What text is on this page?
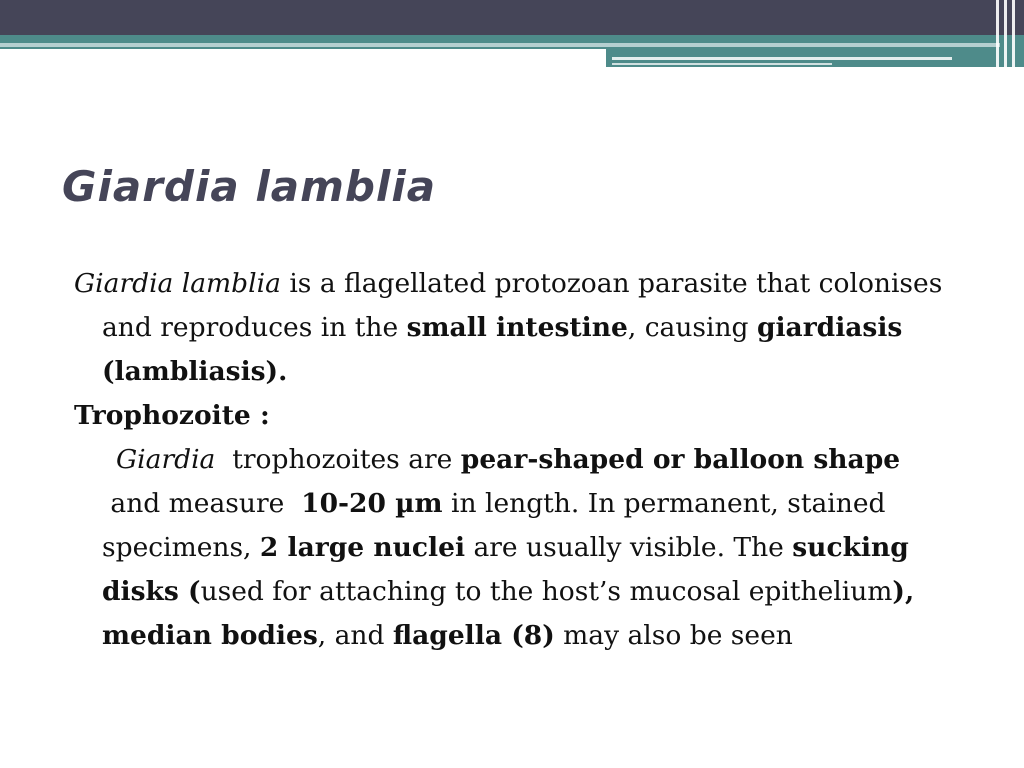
Giardia lamblia

Giardia lamblia is a flagellated protozoan parasite that colonises and reproduces in the small intestine, causing giardiasis (lambliasis).

Trophozoite :

Giardia  trophozoites are pear-shaped or balloon shape and measure  10-20 µm in length. In permanent, stained specimens, 2 large nuclei are usually visible. The sucking disks (used for attaching to the host’s mucosal epithelium), median bodies, and flagella (8) may also be seen
